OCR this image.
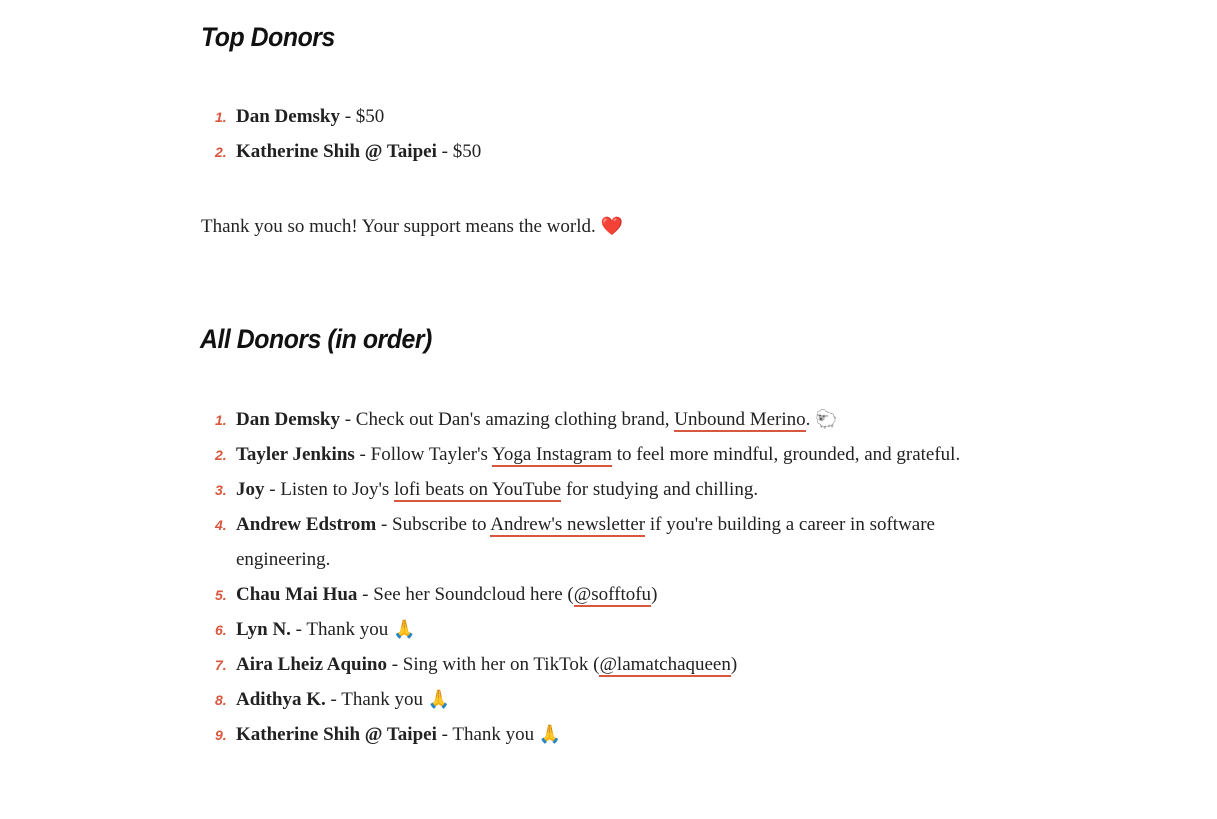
Top Donors
1. Dan Demsky - $50
2. Katherine Shih @ Taipei - $50

Thank you so much! Your support means the world. ❤️

All Donors (in order)
1. Dan Demsky - Check out Dan's amazing clothing brand, Unbound Merino. 🐑
2. Tayler Jenkins - Follow Tayler's Yoga Instagram to feel more mindful, grounded, and grateful.
3. Joy - Listen to Joy's lofi beats on YouTube for studying and chilling.
4. Andrew Edstrom - Subscribe to Andrew's newsletter if you're building a career in software engineering.
5. Chau Mai Hua - See her Soundcloud here (@sofftofu)
6. Lyn N. - Thank you 🙏
7. Aira Lheiz Aquino - Sing with her on TikTok (@lamatchaqueen)
8. Adithya K. - Thank you 🙏
9. Katherine Shih @ Taipei - Thank you 🙏
